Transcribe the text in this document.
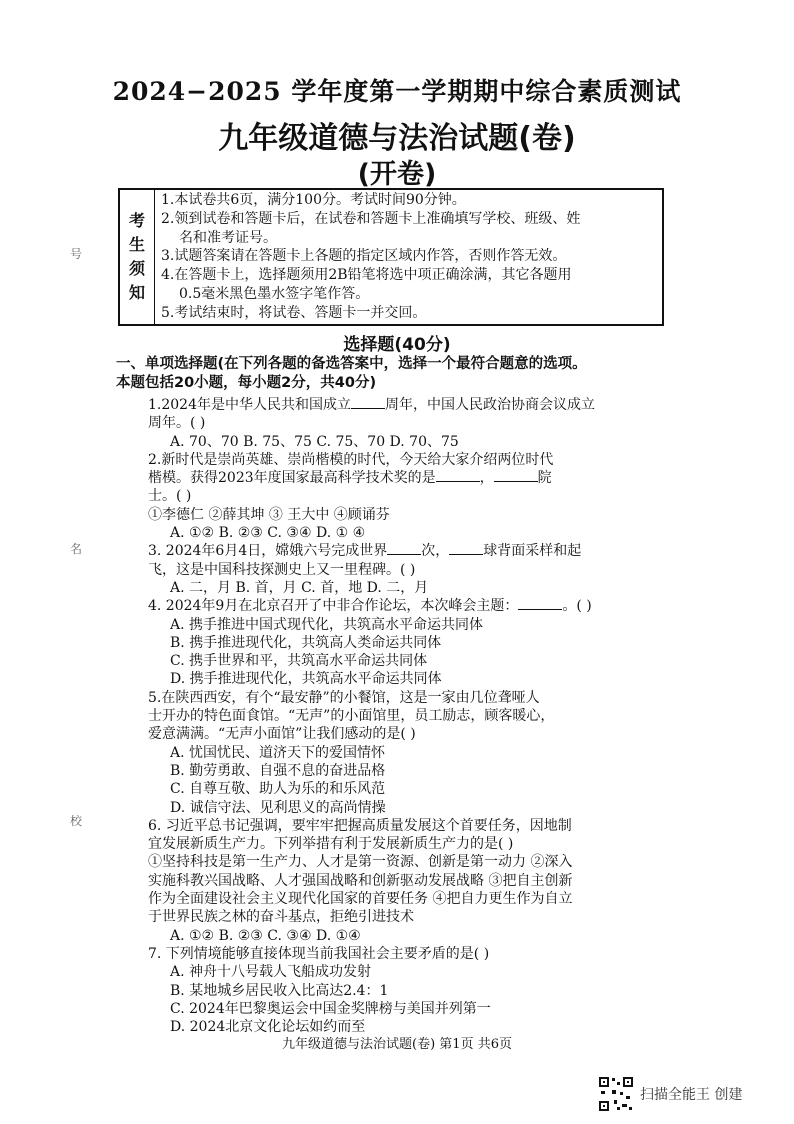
2024−2025 学年度第一学期期中综合素质测试
九年级道德与法治试题(卷)
(开卷)
考
生
须
知

1.本试卷共6页，满分100分。考试时间90分钟。

2.领到试卷和答题卡后，在试卷和答题卡上准确填写学校、班级、姓

名和准考证号。

3.试题答案请在答题卡上各题的指定区域内作答，否则作答无效。

4.在答题卡上，选择题须用2B铅笔将选中项正确涂满，其它各题用

0.5毫米黑色墨水签字笔作答。

5.考试结束时，将试卷、答题卡一并交回。

选择题(40分)

一、单项选择题(在下列各题的备选答案中，选择一个最符合题意的选项。

本题包括20小题，每小题2分，共40分)

1.2024年是中华人民共和国成立 周年，中国人民政治协商会议成立

周年。( )

A. 70、70 B. 75、75 C. 75、70 D. 70、75

2.新时代是崇尚英雄、崇尚楷模的时代，今天给大家介绍两位时代

楷模。获得2023年度国家最高科学技术奖的是	，	院

士。( )

①李德仁 ②薛其坤 ③ 王大中 ④顾诵芬

A. ①② B. ②③ C. ③④ D. ① ④

3. 2024年6月4日，嫦娥六号完成世界 次， 球背面采样和起

飞，这是中国科技探测史上又一里程碑。( )

A. 二，月 B. 首，月 C. 首，地 D. 二，月

4. 2024年9月在北京召开了中非合作论坛，本次峰会主题：	。( )

A. 携手推进中国式现代化，共筑高水平命运共同体

B. 携手推进现代化，共筑高人类命运共同体

C. 携手世界和平，共筑高水平命运共同体

D. 携手推进现代化，共筑高水平命运共同体

5.在陕西西安，有个“最安静”的小餐馆，这是一家由几位聋哑人

士开办的特色面食馆。“无声”的小面馆里，员工励志，顾客暖心，

爱意满满。“无声小面馆”让我们感动的是( )

A. 忧国忧民、道济天下的爱国情怀

B. 勤劳勇敢、自强不息的奋进品格

C. 自尊互敬、助人为乐的和乐风范

D. 诚信守法、见利思义的高尚情操

6. 习近平总书记强调，要牢牢把握高质量发展这个首要任务，因地制

宜发展新质生产力。下列举措有利于发展新质生产力的是( )

①坚持科技是第一生产力、人才是第一资源、创新是第一动力 ②深入

实施科教兴国战略、人才强国战略和创新驱动发展战略 ③把自主创新

作为全面建设社会主义现代化国家的首要任务 ④把自力更生作为自立

于世界民族之林的奋斗基点，拒绝引进技术

A. ①② B. ②③ C. ③④ D. ①④

7. 下列情境能够直接体现当前我国社会主要矛盾的是( )

A. 神舟十八号载人飞船成功发射

B. 某地城乡居民收入比高达2.4：1

C. 2024年巴黎奥运会中国金奖牌榜与美国并列第一

D. 2024北京文化论坛如约而至

号
名
校
九年级道德与法治试题(卷) 第1页 共6页
扫描全能王 创建
